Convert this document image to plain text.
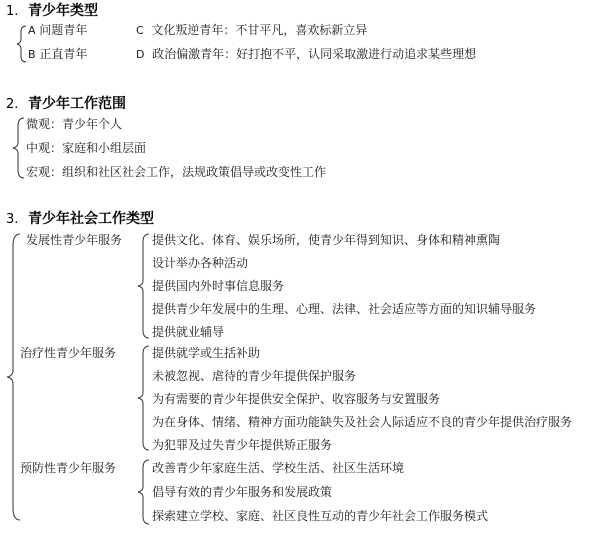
1. 青少年类型
A 问题青年
B 正直青年
C 文化叛逆青年：不甘平凡，喜欢标新立异
D 政治偏激青年：好打抱不平，认同采取激进行动追求某些理想
2. 青少年工作范围
微观：青少年个人
中观：家庭和小组层面
宏观：组织和社区社会工作，法规政策倡导或改变性工作
3. 青少年社会工作类型
发展性青少年服务
治疗性青少年服务
预防性青少年服务
提供文化、体育、娱乐场所，使青少年得到知识、身体和精神熏陶
设计举办各种活动
提供国内外时事信息服务
提供青少年发展中的生理、心理、法律、社会适应等方面的知识辅导服务
提供就业辅导
提供就学或生括补助
未被忽视、虐待的青少年提供保护服务
为有需要的青少年提供安全保护、收容服务与安置服务
为在身体、情绪、精神方面功能缺失及社会人际适应不良的青少年提供治疗服务
为犯罪及过失青少年提供矫正服务
改善青少年家庭生活、学校生活、社区生活环境
倡导有效的青少年服务和发展政策
探索建立学校、家庭、社区良性互动的青少年社会工作服务模式
